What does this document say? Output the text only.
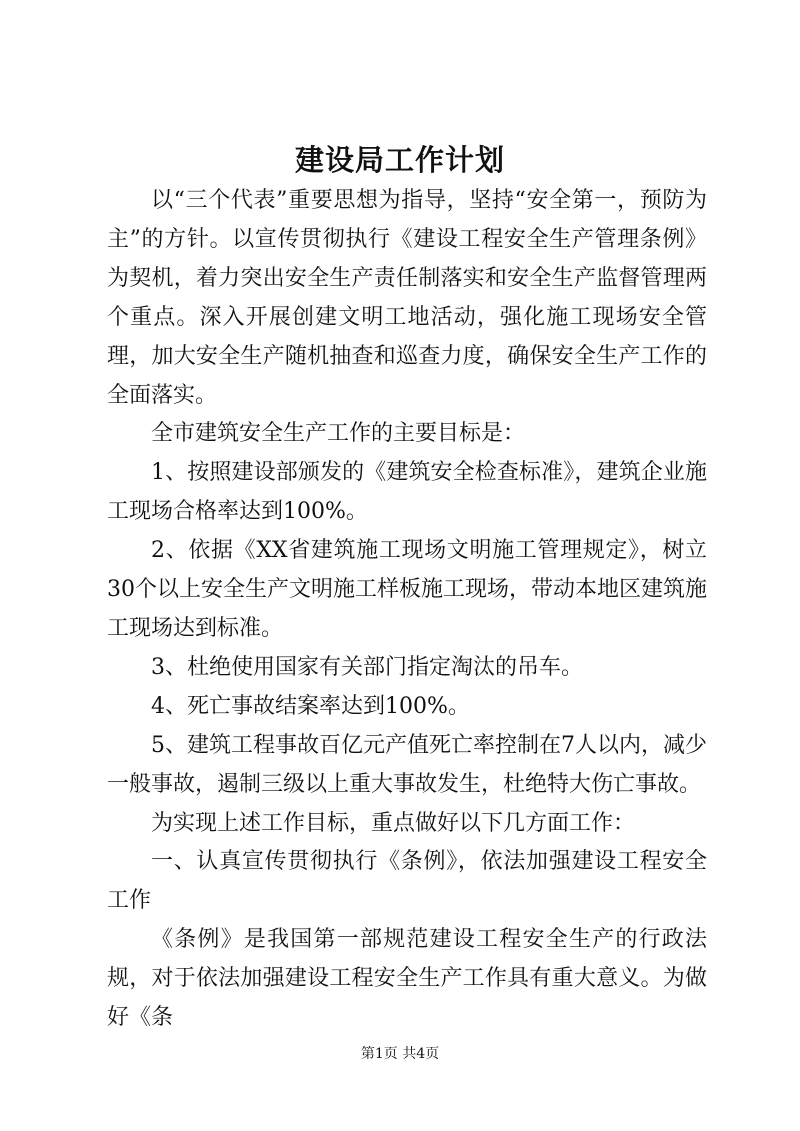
建设局工作计划

以“三个代表”重要思想为指导，坚持“安全第一，预防为主”的方针。以宣传贯彻执行《建设工程安全生产管理条例》为契机，着力突出安全生产责任制落实和安全生产监督管理两个重点。深入开展创建文明工地活动，强化施工现场安全管理，加大安全生产随机抽查和巡查力度，确保安全生产工作的全面落实。

全市建筑安全生产工作的主要目标是：

1、按照建设部颁发的《建筑安全检查标准》，建筑企业施工现场合格率达到100%。

2、依据《XX省建筑施工现场文明施工管理规定》，树立30个以上安全生产文明施工样板施工现场，带动本地区建筑施工现场达到标准。

3、杜绝使用国家有关部门指定淘汰的吊车。

4、死亡事故结案率达到100%。

5、建筑工程事故百亿元产值死亡率控制在7人以内，减少一般事故，遏制三级以上重大事故发生，杜绝特大伤亡事故。

为实现上述工作目标，重点做好以下几方面工作：

一、认真宣传贯彻执行《条例》，依法加强建设工程安全工作

《条例》是我国第一部规范建设工程安全生产的行政法规，对于依法加强建设工程安全生产工作具有重大意义。为做好《条

第1页 共4页
